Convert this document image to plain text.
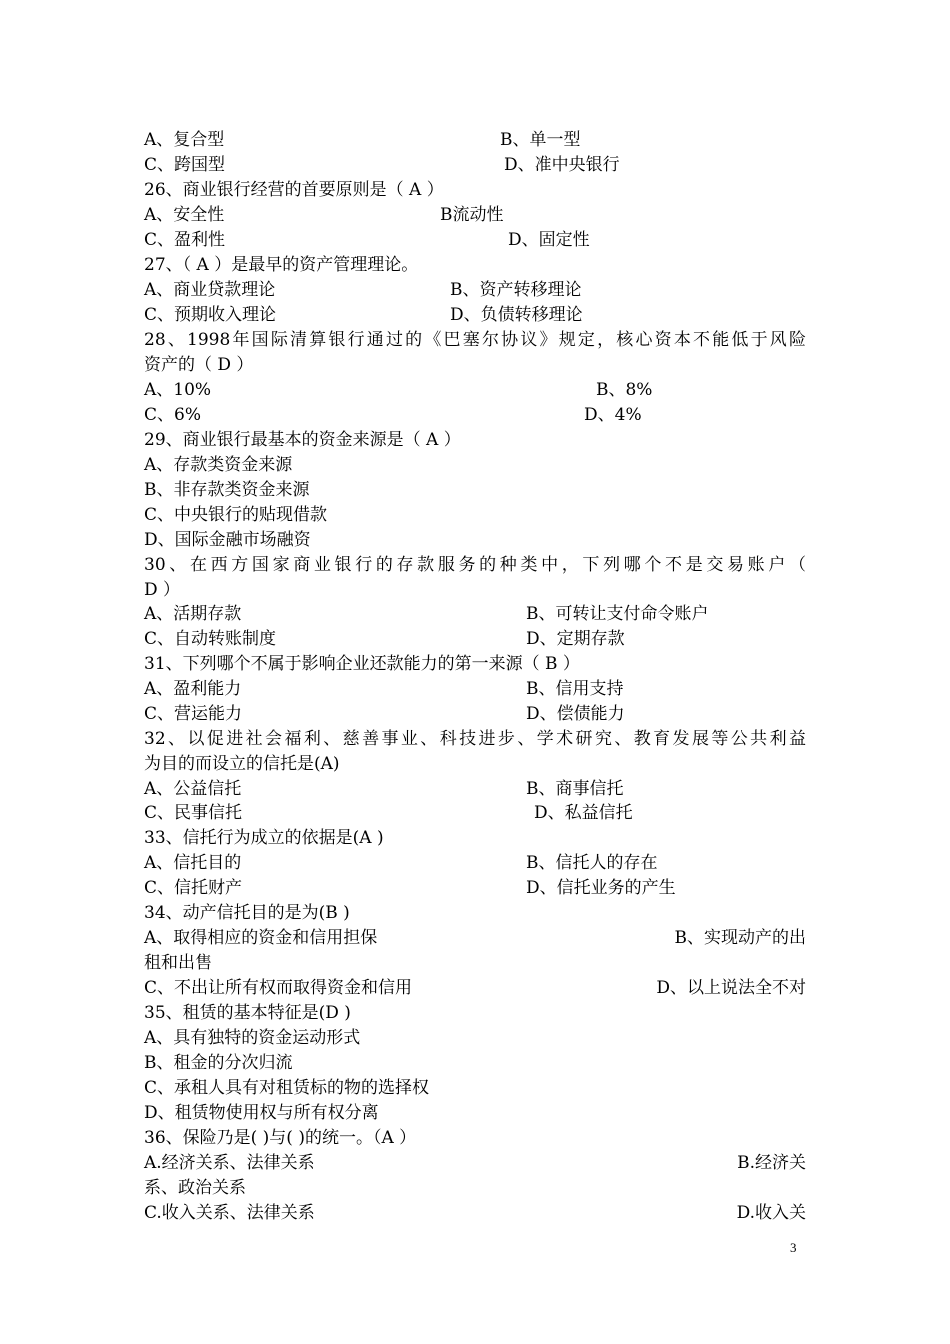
A、复合型	B、单一型
C、跨国型	D、准中央银行
26、商业银行经营的首要原则是（ A ）
A、安全性	B流动性
C、盈利性	D、固定性
27、（ A ）是最早的资产管理理论。
A、商业贷款理论	B、资产转移理论
C、预期收入理论	D、负债转移理论
28、1998年国际清算银行通过的《巴塞尔协议》规定，核心资本不能低于风险
资产的（ D ）
A、10%	B、8%
C、6%	D、4%
29、商业银行最基本的资金来源是（ A ）
A、存款类资金来源
B、非存款类资金来源
C、中央银行的贴现借款
D、国际金融市场融资
30、在西方国家商业银行的存款服务的种类中，下列哪个不是交易账户（
D ）
A、活期存款	B、可转让支付命令账户
C、自动转账制度	D、定期存款
31、下列哪个不属于影响企业还款能力的第一来源（ B ）
A、盈利能力	B、信用支持
C、营运能力	D、偿债能力
32、以促进社会福利、慈善事业、科技进步、学术研究、教育发展等公共利益
为目的而设立的信托是(A)
A、公益信托	B、商事信托
C、民事信托	D、私益信托
33、信托行为成立的依据是(A )
A、信托目的	B、信托人的存在
C、信托财产	D、信托业务的产生
34、动产信托目的是为(B )
A、取得相应的资金和信用担保	B、实现动产的出
租和出售
C、不出让所有权而取得资金和信用	D、以上说法全不对
35、租赁的基本特征是(D )
A、具有独特的资金运动形式
B、租金的分次归流
C、承租人具有对租赁标的物的选择权
D、租赁物使用权与所有权分离
36、保险乃是( )与( )的统一。（A ）
A.经济关系、法律关系	B.经济关
系、政治关系
C.收入关系、法律关系	D.收入关
3
